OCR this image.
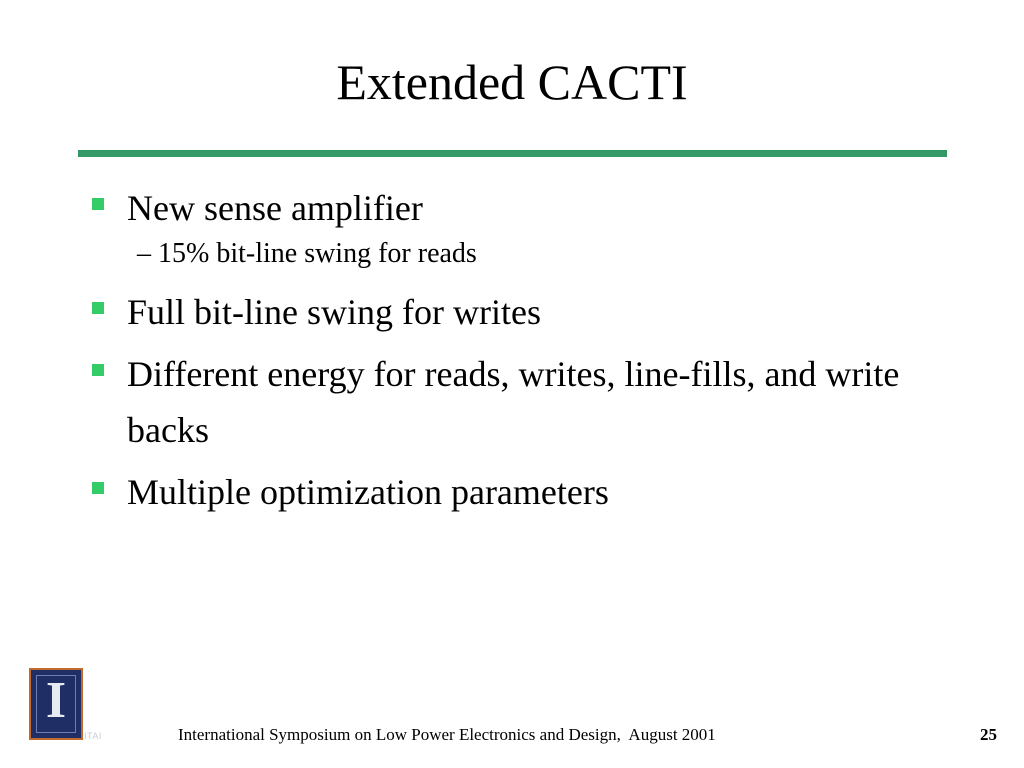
Extended CACTI
New sense amplifier
– 15% bit-line swing for reads
Full bit-line swing for writes
Different energy for reads, writes, line-fills, and write backs
Multiple optimization parameters
I
ITAI	International Symposium on Low Power Electronics and Design,  August 2001	25
